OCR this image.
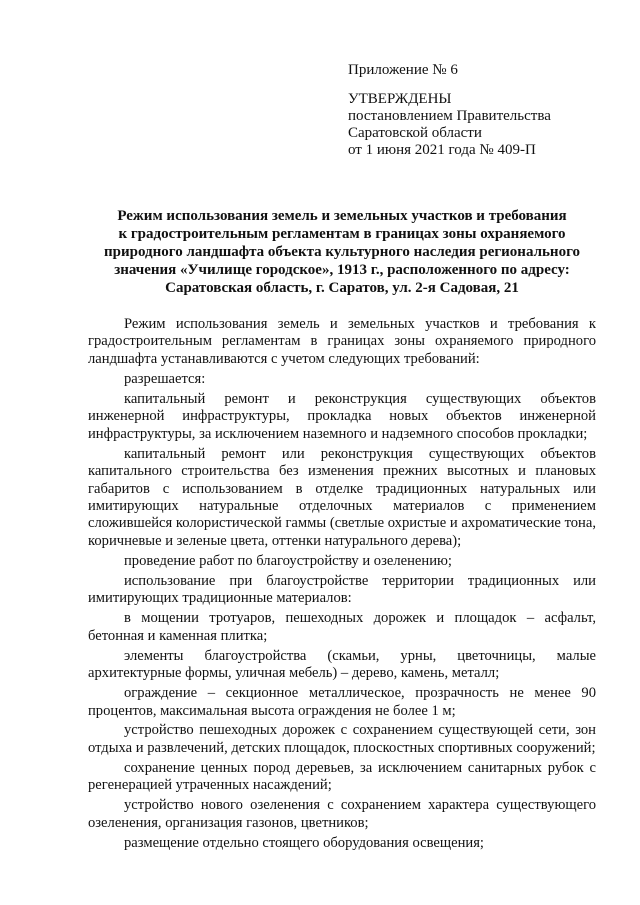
Приложение № 6
УТВЕРЖДЕНЫ
постановлением Правительства
Саратовской области
от 1 июня 2021 года № 409-П
Режим использования земель и земельных участков и требования
к градостроительным регламентам в границах зоны охраняемого
природного ландшафта объекта культурного наследия регионального
значения «Училище городское», 1913 г., расположенного по адресу:
Саратовская область, г. Саратов, ул. 2-я Садовая, 21

Режим использования земель и земельных участков и требования к градостроительным регламентам в границах зоны охраняемого природного ландшафта устанавливаются с учетом следующих требований:

разрешается:

капитальный ремонт и реконструкция существующих объектов инженерной инфраструктуры, прокладка новых объектов инженерной инфраструктуры, за исключением наземного и надземного способов прокладки;

капитальный ремонт или реконструкция существующих объектов капитального строительства без изменения прежних высотных и плановых габаритов с использованием в отделке традиционных натуральных или имитирующих натуральные отделочных материалов с применением сложившейся колористической гаммы (светлые охристые и ахроматические тона, коричневые и зеленые цвета, оттенки натурального дерева);

проведение работ по благоустройству и озеленению;

использование при благоустройстве территории традиционных или имитирующих традиционные материалов:

в мощении тротуаров, пешеходных дорожек и площадок – асфальт, бетонная и каменная плитка;

элементы благоустройства (скамьи, урны, цветочницы, малые архитектурные формы, уличная мебель) – дерево, камень, металл;

ограждение – секционное металлическое, прозрачность не менее 90 процентов, максимальная высота ограждения не более 1 м;

устройство пешеходных дорожек с сохранением существующей сети, зон отдыха и развлечений, детских площадок, плоскостных спортивных сооружений;

сохранение ценных пород деревьев, за исключением санитарных рубок с регенерацией утраченных насаждений;

устройство нового озеленения с сохранением характера существующего озеленения, организация газонов, цветников;

размещение отдельно стоящего оборудования освещения;
